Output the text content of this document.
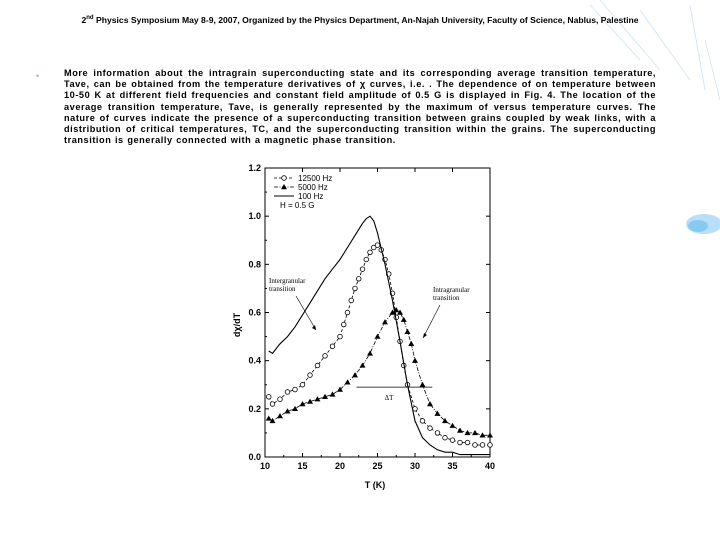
2nd Physics Symposium May 8-9, 2007, Organized by the Physics Department, An-Najah University, Faculty of Science, Nablus, Palestine
•	More information about the intragrain superconducting state and its corresponding average transition temperature, Tave, can be obtained from the temperature derivatives of χ curves, i.e. . The dependence of on temperature between 10-50 K at different field frequencies and constant field amplitude of 0.5 G is displayed in Fig. 4. The location of the average transition temperature, Tave, is generally represented by the maximum of versus temperature curves. The nature of curves indicate the presence of a superconducting transition between grains coupled by weak links, with a distribution of critical temperatures, TC, and the superconducting transition within the grains. The superconducting transition is generally connected with a magnetic phase transition.
10	15	20	25	30	35	40
0.0
0.2
0.4
0.6
0.8
1.0
1.2
Intergranular
transition	Intragranular
transition
ΔT
12500 Hz
5000 Hz
100 Hz
H = 0.5 G
T (K)
dχ/dT
